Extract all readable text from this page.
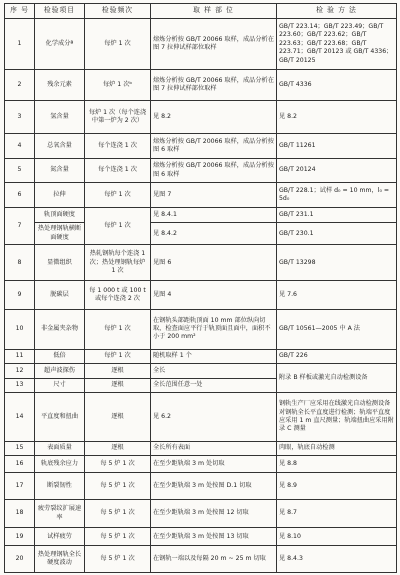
序 号	检验项目	检验频次	取 样 部 位	检 验 方 法
1	化学成分ª	每炉 1 次	熔炼分析按 GB/T 20066 取样，成品分析在图 7 拉伸试样部位取样	GB/T 223.14；GB/T 223.49；GB/T 223.60；GB/T 223.62；GB/T 223.63；GB/T 223.68；GB/T 223.71；GB/T 20123 或 GB/T 4336；GB/T 20125
2	残余元素	每炉 1 次ᵇ	熔炼分析按 GB/T 20066 取样，成品分析在图 7 拉伸试样部位取样	GB/T 4336
3	氢含量	每炉 1 次（每个连浇中第一炉为 2 次）	见 8.2	见 8.2
4	总氧含量	每个连浇 1 次	熔炼分析按 GB/T 20066 取样，成品分析按图 6 取样	GB/T 11261
5	氮含量	每个连浇 1 次	熔炼分析按 GB/T 20066 取样，成品分析按图 6 取样	GB/T 20124
6	拉伸	每炉 1 次	见图 7	GB/T 228.1；试样 d₀ = 10 mm，l₀ = 5d₀
7	轨顶面硬度	每炉 1 次	见 8.4.1	GB/T 231.1
	热处理钢轨横断面硬度		见 8.4.2	GB/T 230.1
8	显微组织	热轧钢轨每个连浇 1 次；热处理钢轨每炉 1 次	见图 6	GB/T 13298
9	脱碳层	每 1 000 t 或 100 t 或每个连浇 2 次	见图 4	见 7.6
10	非金属夹杂物	每炉 1 次	在钢轨头部距轨顶面 10 mm 部位纵向切取，检查面应平行于轨顶面且面中，面积不小于 200 mm²	GB/T 10561—2005 中 A 法
11	低倍	每炉 1 次	随机取样 1 个	GB/T 226
12	超声波探伤	逐根	全长	附录 B 样板或激光自动检测设备
13	尺寸	逐根	全长范围任意一处	
14	平直度和扭曲	逐根	见 6.2	钢轨生产厂应采用在线激光自动检测设备对钢轨全长平直度进行检测；轨端平直度应采用 1 m 直尺测量；轨端扭曲应采用附录 C 测量
15	表面质量	逐根	全长所有表面	肉眼，轨底自动检测
16	轨底残余应力	每 5 炉 1 次	在至少距轨端 3 m 处切取	见 8.8
17	断裂韧性	每 5 炉 1 次	在至少距轨端 3 m 处按图 D.1 切取	见 8.9
18	疲劳裂纹扩展速率	每 5 炉 1 次	在至少距轨端 3 m 处按图 12 切取	见 8.7
19	试样疲劳	每 5 炉 1 次	在至少距轨端 3 m 处按图 13 切取	见 8.10
20	热处理钢轨全长硬度波动	每 5 炉 1 次	在钢轨一端以及每隔 20 m ~ 25 m 切取	见 8.4.3
